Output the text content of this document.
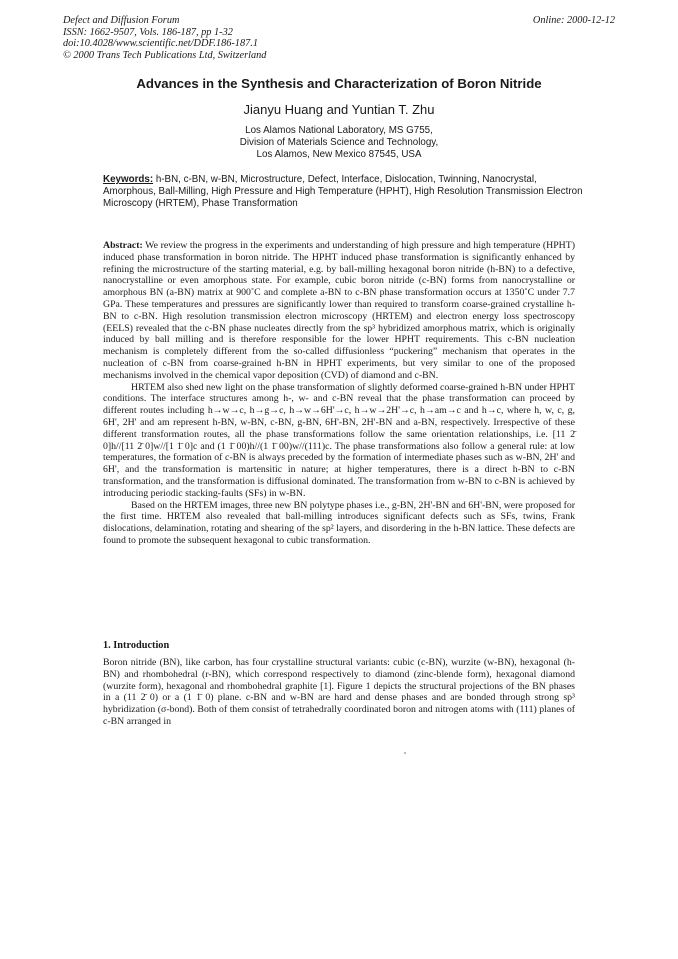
Defect and Diffusion Forum
ISSN: 1662-9507, Vols. 186-187, pp 1-32
doi:10.4028/www.scientific.net/DDF.186-187.1
© 2000 Trans Tech Publications Ltd, Switzerland
Online: 2000-12-12
Advances in the Synthesis and Characterization of Boron Nitride
Jianyu Huang and Yuntian T. Zhu
Los Alamos National Laboratory, MS G755,
Division of Materials Science and Technology,
Los Alamos, New Mexico 87545, USA
Keywords: h-BN, c-BN, w-BN, Microstructure, Defect, Interface, Dislocation, Twinning, Nanocrystal, Amorphous, Ball-Milling, High Pressure and High Temperature (HPHT), High Resolution Transmission Electron Microscopy (HRTEM), Phase Transformation

Abstract: We review the progress in the experiments and understanding of high pressure and high temperature (HPHT) induced phase transformation in boron nitride. The HPHT induced phase transformation is significantly enhanced by refining the microstructure of the starting material, e.g. by ball-milling hexagonal boron nitride (h-BN) to a defective, nanocrystalline or even amorphous state. For example, cubic boron nitride (c-BN) forms from nanocrystalline or amorphous BN (a-BN) matrix at 900˚C and complete a-BN to c-BN phase transformation occurs at 1350˚C under 7.7 GPa. These temperatures and pressures are significantly lower than required to transform coarse-grained crystalline h-BN to c-BN. High resolution transmission electron microscopy (HRTEM) and electron energy loss spectroscopy (EELS) revealed that the c-BN phase nucleates directly from the sp³ hybridized amorphous matrix, which is originally induced by ball milling and is therefore responsible for the lower HPHT requirements. This c-BN nucleation mechanism is completely different from the so-called diffusionless “puckering” mechanism that operates in the nucleation of c-BN from coarse-grained h-BN in HPHT experiments, but very similar to one of the proposed mechanisms involved in the chemical vapor deposition (CVD) of diamond and c-BN.

HRTEM also shed new light on the phase transformation of slightly deformed coarse-grained h-BN under HPHT conditions. The interface structures among h-, w- and c-BN reveal that the phase transformation can proceed by different routes including h→w→c, h→g→c, h→w→6H'→c, h→w→2H'→c, h→am→c and h→c, where h, w, c, g, 6H', 2H' and am represent h-BN, w-BN, c-BN, g-BN, 6H'-BN, 2H'-BN and a-BN, respectively. Irrespective of these different transformation routes, all the phase transformations follow the same orientation relationships, i.e. [11 2̄ 0]h//[11 2̄ 0]w//[1 1̄ 0]c and (1 1̄ 00)h//(1 1̄ 00)w//(111)c. The phase transformations also follow a general rule: at low temperatures, the formation of c-BN is always preceded by the formation of intermediate phases such as w-BN, 2H' and 6H', and the transformation is martensitic in nature; at higher temperatures, there is a direct h-BN to c-BN transformation, and the transformation is diffusional dominated. The transformation from w-BN to c-BN is achieved by introducing periodic stacking-faults (SFs) in w-BN.

Based on the HRTEM images, three new BN polytype phases i.e., g-BN, 2H'-BN and 6H'-BN, were proposed for the first time. HRTEM also revealed that ball-milling introduces significant defects such as SFs, twins, Frank dislocations, delamination, rotating and shearing of the sp² layers, and disordering in the h-BN lattice. These defects are found to promote the subsequent hexagonal to cubic transformation.

1. Introduction
Boron nitride (BN), like carbon, has four crystalline structural variants: cubic (c-BN), wurzite (w-BN), hexagonal (h-BN) and rhombohedral (r-BN), which correspond respectively to diamond (zinc-blende form), hexagonal diamond (wurzite form), hexagonal and rhombohedral graphite [1]. Figure 1 depicts the structural projections of the BN phases in a (11 2̄ 0) or a (1 1̄ 0) plane. c-BN and w-BN are hard and dense phases and are bonded through strong sp³ hybridization (σ-bond). Both of them consist of tetrahedrally coordinated boron and nitrogen atoms with (111) planes of c-BN arranged in
